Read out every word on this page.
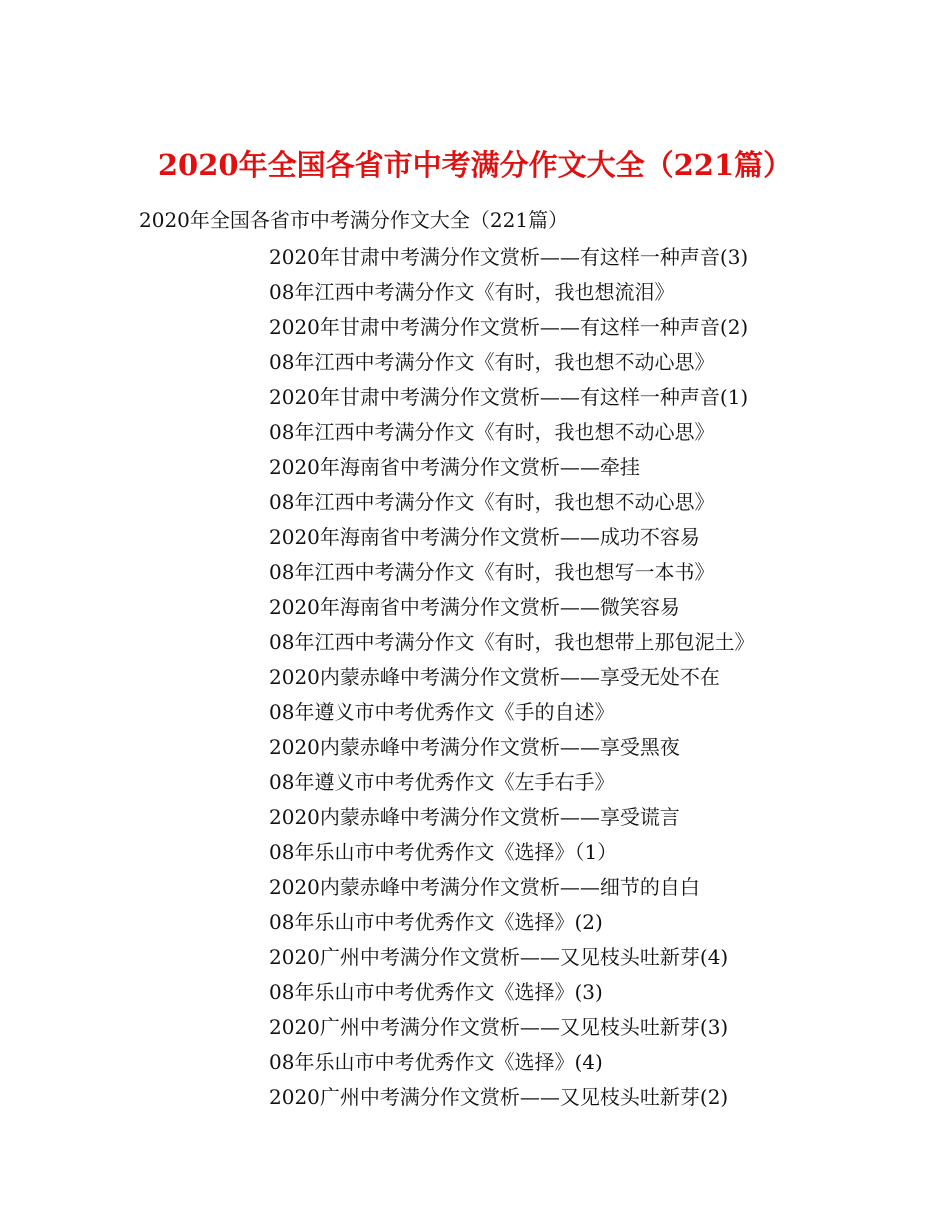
2020年全国各省市中考满分作文大全（221篇）
2020年全国各省市中考满分作文大全（221篇）
2020年甘肃中考满分作文赏析——有这样一种声音(3)
08年江西中考满分作文《有时，我也想流泪》
2020年甘肃中考满分作文赏析——有这样一种声音(2)
08年江西中考满分作文《有时，我也想不动心思》
2020年甘肃中考满分作文赏析——有这样一种声音(1)
08年江西中考满分作文《有时，我也想不动心思》
2020年海南省中考满分作文赏析——牵挂
08年江西中考满分作文《有时，我也想不动心思》
2020年海南省中考满分作文赏析——成功不容易
08年江西中考满分作文《有时，我也想写一本书》
2020年海南省中考满分作文赏析——微笑容易
08年江西中考满分作文《有时，我也想带上那包泥土》
2020内蒙赤峰中考满分作文赏析——享受无处不在
08年遵义市中考优秀作文《手的自述》
2020内蒙赤峰中考满分作文赏析——享受黑夜
08年遵义市中考优秀作文《左手右手》
2020内蒙赤峰中考满分作文赏析——享受谎言
08年乐山市中考优秀作文《选择》（1）
2020内蒙赤峰中考满分作文赏析——细节的自白
08年乐山市中考优秀作文《选择》(2)
2020广州中考满分作文赏析——又见枝头吐新芽(4)
08年乐山市中考优秀作文《选择》(3)
2020广州中考满分作文赏析——又见枝头吐新芽(3)
08年乐山市中考优秀作文《选择》(4)
2020广州中考满分作文赏析——又见枝头吐新芽(2)
